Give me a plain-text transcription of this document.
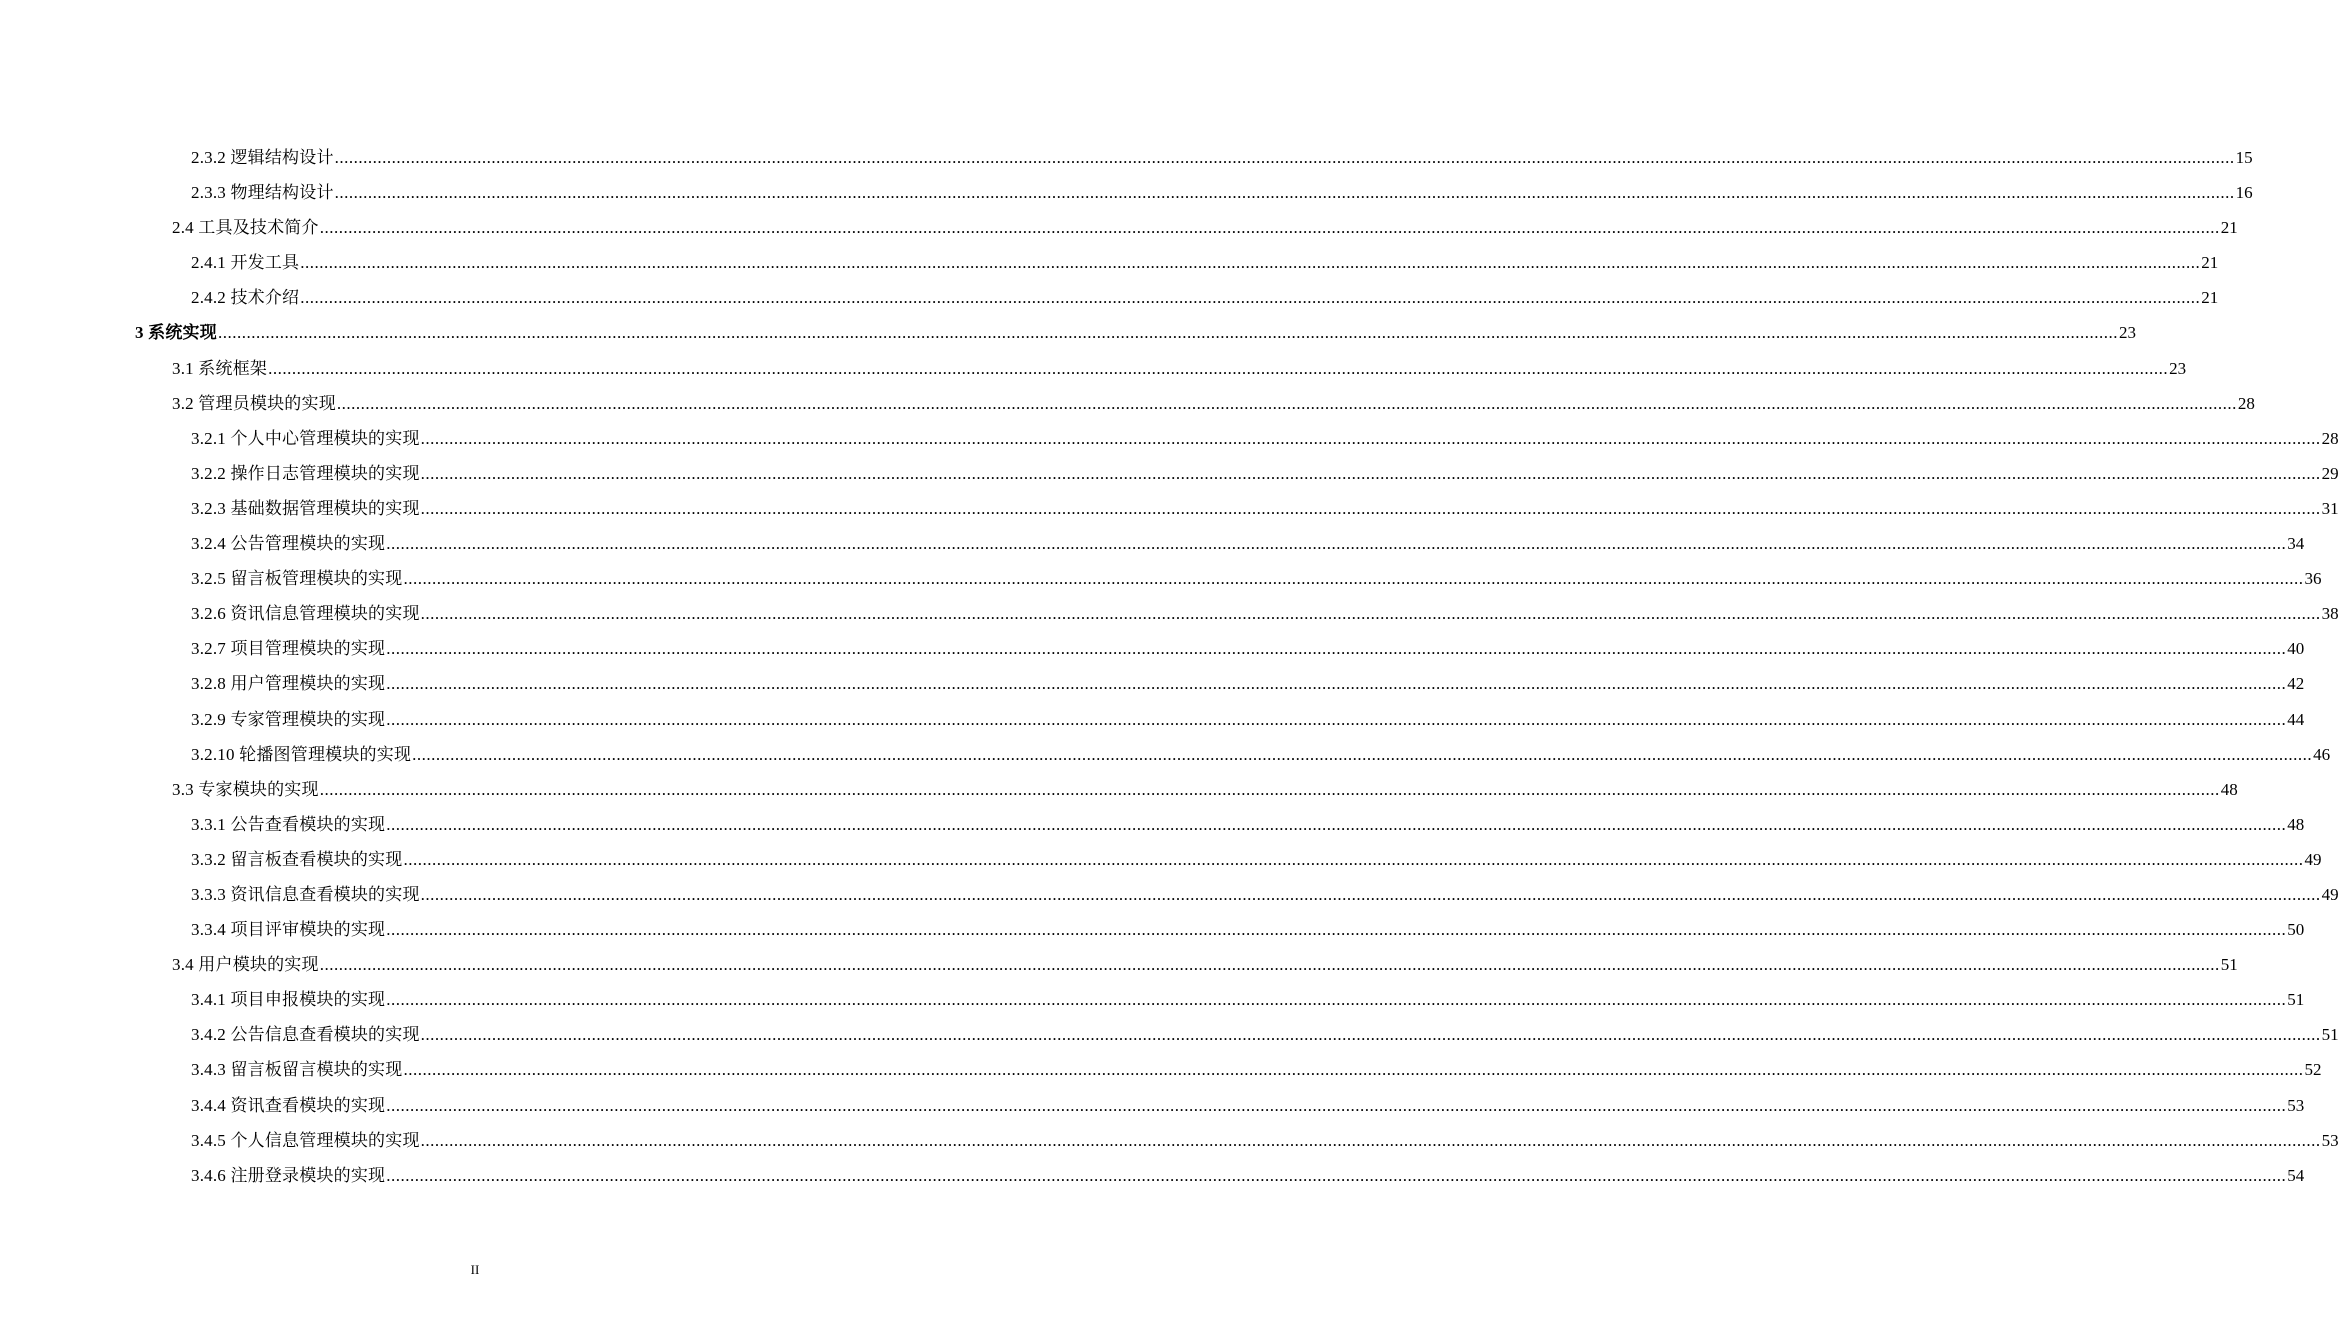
2.3.2 逻辑结构设计 ................................................................................................................................................................................................................................................................................................................................................................................................................ 15
2.3.3 物理结构设计 ................................................................................................................................................................................................................................................................................................................................................................................................................ 16
2.4 工具及技术简介 ................................................................................................................................................................................................................................................................................................................................................................................................................ 21
2.4.1 开发工具 ................................................................................................................................................................................................................................................................................................................................................................................................................ 21
2.4.2 技术介绍 ................................................................................................................................................................................................................................................................................................................................................................................................................ 21
3 系统实现 ................................................................................................................................................................................................................................................................................................................................................................................................................ 23
3.1 系统框架 ................................................................................................................................................................................................................................................................................................................................................................................................................ 23
3.2 管理员模块的实现 ................................................................................................................................................................................................................................................................................................................................................................................................................ 28
3.2.1 个人中心管理模块的实现 ................................................................................................................................................................................................................................................................................................................................................................................................................ 28
3.2.2 操作日志管理模块的实现 ................................................................................................................................................................................................................................................................................................................................................................................................................ 29
3.2.3 基础数据管理模块的实现 ................................................................................................................................................................................................................................................................................................................................................................................................................ 31
3.2.4 公告管理模块的实现 ................................................................................................................................................................................................................................................................................................................................................................................................................ 34
3.2.5 留言板管理模块的实现 ................................................................................................................................................................................................................................................................................................................................................................................................................ 36
3.2.6 资讯信息管理模块的实现 ................................................................................................................................................................................................................................................................................................................................................................................................................ 38
3.2.7 项目管理模块的实现 ................................................................................................................................................................................................................................................................................................................................................................................................................ 40
3.2.8 用户管理模块的实现 ................................................................................................................................................................................................................................................................................................................................................................................................................ 42
3.2.9 专家管理模块的实现 ................................................................................................................................................................................................................................................................................................................................................................................................................ 44
3.2.10 轮播图管理模块的实现 ................................................................................................................................................................................................................................................................................................................................................................................................................ 46
3.3 专家模块的实现 ................................................................................................................................................................................................................................................................................................................................................................................................................ 48
3.3.1 公告查看模块的实现 ................................................................................................................................................................................................................................................................................................................................................................................................................ 48
3.3.2 留言板查看模块的实现 ................................................................................................................................................................................................................................................................................................................................................................................................................ 49
3.3.3 资讯信息查看模块的实现 ................................................................................................................................................................................................................................................................................................................................................................................................................ 49
3.3.4 项目评审模块的实现 ................................................................................................................................................................................................................................................................................................................................................................................................................ 50
3.4 用户模块的实现 ................................................................................................................................................................................................................................................................................................................................................................................................................ 51
3.4.1 项目申报模块的实现 ................................................................................................................................................................................................................................................................................................................................................................................................................ 51
3.4.2 公告信息查看模块的实现 ................................................................................................................................................................................................................................................................................................................................................................................................................ 51
3.4.3 留言板留言模块的实现 ................................................................................................................................................................................................................................................................................................................................................................................................................ 52
3.4.4 资讯查看模块的实现 ................................................................................................................................................................................................................................................................................................................................................................................................................ 53
3.4.5 个人信息管理模块的实现 ................................................................................................................................................................................................................................................................................................................................................................................................................ 53
3.4.6 注册登录模块的实现 ................................................................................................................................................................................................................................................................................................................................................................................................................ 54
II
